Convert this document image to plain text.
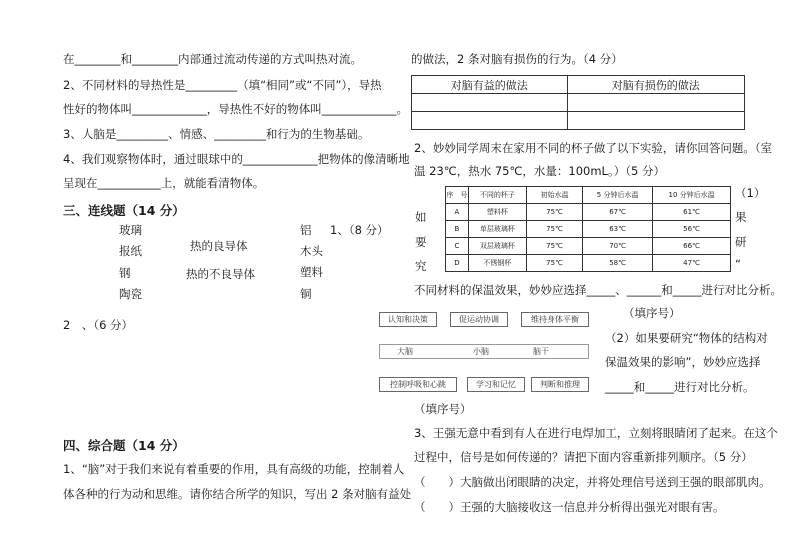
在________和________内部通过流动传递的方式叫热对流。
2、不同材料的导热性是_________（填“相同”或“不同”），导热
性好的物体叫_____________，导热性不好的物体叫_____________。
3、人脑是_________、情感、_________和行为的生物基础。
4、我们观察物体时，通过眼球中的_____________把物体的像清晰地
呈现在___________上，就能看清物体。
三、连线题（14 分）
玻璃
报纸
钢
陶瓷
热的良导体
热的不良导体
铝
木头
塑料
铜
1、（8 分）
2　、（6 分）	认知和决策	促运动协调	维持身体平衡
大脑	小脑	脑干
控制呼吸和心跳	学习和记忆	判断和推理
四、综合题（14 分）
1、“脑”对于我们来说有着重要的作用，具有高级的功能，控制着人
体各种的行为动和思维。请你结合所学的知识，写出 2 条对脑有益处
的做法，2 条对脑有损伤的行为。（4 分）
对脑有益的做法	对脑有损伤的做法

2、妙妙同学周末在家用不同的杯子做了以下实验，请你回答问题。（室
温 23℃，热水 75℃，水量：100mL。）（5 分）
序　号	不同的杯子	初始水温	5 分钟后水温	10 分钟后水温
A	塑料杯	75℃	67℃	61℃
B	单层玻璃杯	75℃	63℃	56℃
C	双层玻璃杯	75℃	70℃	66℃
D	不锈钢杯	75℃	58℃	47℃
如
要
究
（1）
果
研
“
不同材料的保温效果，妙妙应选择_____、______和_____进行对比分析。
（填序号）
（2）如果要研究“物体的结构对
保温效果的影响”，妙妙应选择
_____和_____进行对比分析。
（填序号）
3、王强无意中看到有人在进行电焊加工，立刻将眼睛闭了起来。在这个
过程中，信号是如何传递的？请把下面内容重新排列顺序。（5 分）
（　　）大脑做出闭眼睛的决定，并将处理信号送到王强的眼部肌肉。
（　　）王强的大脑接收这一信息并分析得出强光对眼有害。
